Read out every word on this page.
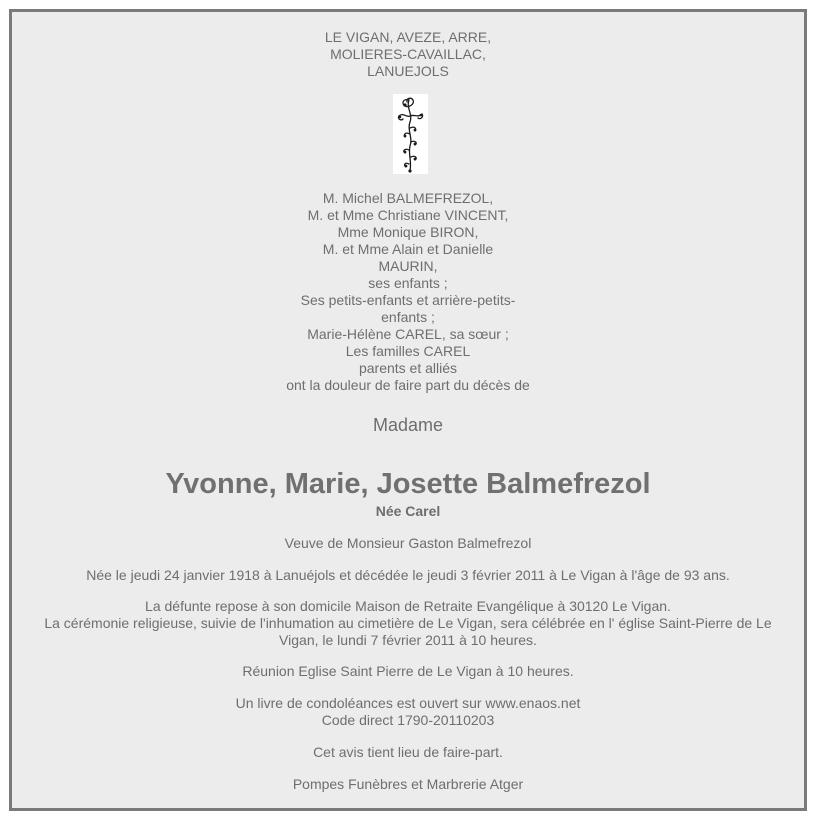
LE VIGAN, AVEZE, ARRE,
MOLIERES-CAVAILLAC,
LANUEJOLS
M. Michel BALMEFREZOL,
M. et Mme Christiane VINCENT,
Mme Monique BIRON,
M. et Mme Alain et Danielle
MAURIN,
ses enfants ;
Ses petits-enfants et arrière-petits-
enfants ;
Marie-Hélène CAREL, sa sœur ;
Les familles CAREL
parents et alliés
ont la douleur de faire part du décès de
Madame
Yvonne, Marie, Josette Balmefrezol
Née Carel

Veuve de Monsieur Gaston Balmefrezol

Née le jeudi 24 janvier 1918 à Lanuéjols et décédée le jeudi 3 février 2011 à Le Vigan à l'âge de 93 ans.

La défunte repose à son domicile Maison de Retraite Evangélique à 30120 Le Vigan.
La cérémonie religieuse, suivie de l'inhumation au cimetière de Le Vigan, sera célébrée en l' église Saint-Pierre de Le
Vigan, le lundi 7 février 2011 à 10 heures.

Réunion Eglise Saint Pierre de Le Vigan à 10 heures.

Un livre de condoléances est ouvert sur www.enaos.net
Code direct 1790-20110203

Cet avis tient lieu de faire-part.

Pompes Funèbres et Marbrerie Atger
